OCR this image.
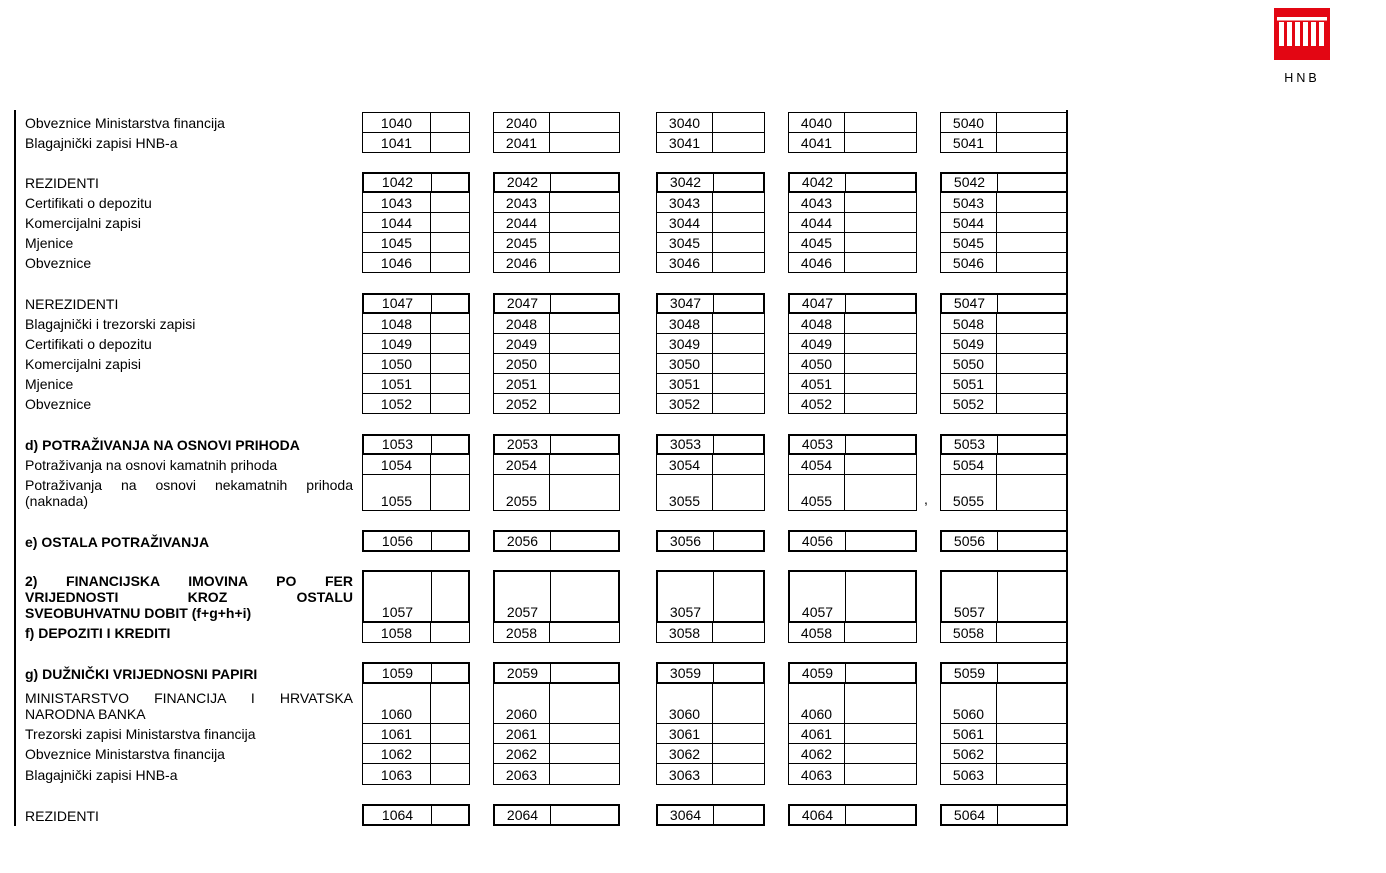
HNB
Obveznice Ministarstva financija	1040	2040	3040	4040	5040
Blagajnički zapisi HNB-a	1041	2041	3041	4041	5041
REZIDENTI	1042	2042	3042	4042	5042
Certifikati o depozitu	1043	2043	3043	4043	5043
Komercijalni zapisi	1044	2044	3044	4044	5044
Mjenice	1045	2045	3045	4045	5045
Obveznice	1046	2046	3046	4046	5046
NEREZIDENTI	1047	2047	3047	4047	5047
Blagajnički i trezorski zapisi	1048	2048	3048	4048	5048
Certifikati o depozitu	1049	2049	3049	4049	5049
Komercijalni zapisi	1050	2050	3050	4050	5050
Mjenice	1051	2051	3051	4051	5051
Obveznice	1052	2052	3052	4052	5052
d) POTRAŽIVANJA NA OSNOVI PRIHODA	1053	2053	3053	4053	5053
Potraživanja na osnovi kamatnih prihoda	1054	2054	3054	4054	5054
Potraživanja na osnovi nekamatnih prihoda
(naknada)	1055	2055	3055	4055	5055
e) OSTALA POTRAŽIVANJA	1056	2056	3056	4056	5056
2) FINANCIJSKA IMOVINA PO FER
VRIJEDNOSTI KROZ OSTALU
SVEOBUHVATNU DOBIT (f+g+h+i)	1057	2057	3057	4057	5057
f) DEPOZITI I KREDITI	1058	2058	3058	4058	5058
g) DUŽNIČKI VRIJEDNOSNI PAPIRI	1059	2059	3059	4059	5059
MINISTARSTVO FINANCIJA I HRVATSKA
NARODNA BANKA	1060	2060	3060	4060	5060
Trezorski zapisi Ministarstva financija	1061	2061	3061	4061	5061
Obveznice Ministarstva financija	1062	2062	3062	4062	5062
Blagajnički zapisi HNB-a	1063	2063	3063	4063	5063
REZIDENTI	1064	2064	3064	4064	5064
,
